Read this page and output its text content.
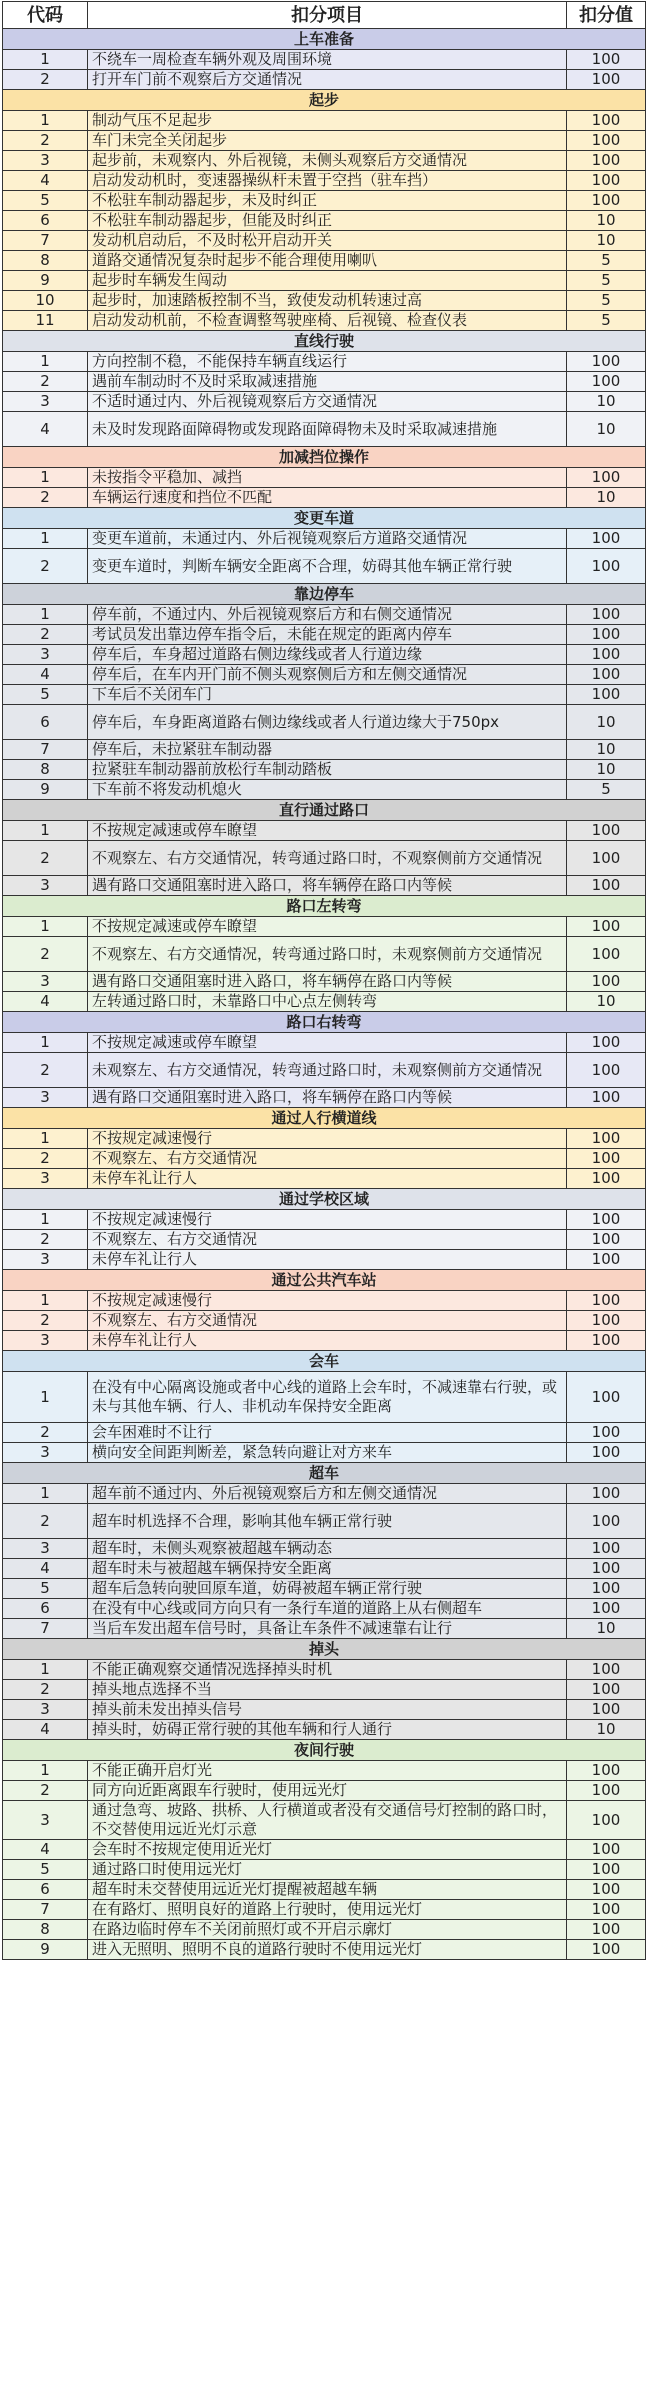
代码	扣分项目	扣分值
上车准备		
1	不绕车一周检查车辆外观及周围环境	100
2	打开车门前不观察后方交通情况	100
起步		
1	制动气压不足起步	100
2	车门未完全关闭起步	100
3	起步前，未观察内、外后视镜，未侧头观察后方交通情况	100
4	启动发动机时，变速器操纵杆未置于空挡（驻车挡）	100
5	不松驻车制动器起步，未及时纠正	100
6	不松驻车制动器起步，但能及时纠正	10
7	发动机启动后，不及时松开启动开关	10
8	道路交通情况复杂时起步不能合理使用喇叭	5
9	起步时车辆发生闯动	5
10	起步时，加速踏板控制不当，致使发动机转速过高	5
11	启动发动机前，不检查调整驾驶座椅、后视镜、检查仪表	5
直线行驶		
1	方向控制不稳，不能保持车辆直线运行	100
2	遇前车制动时不及时采取减速措施	100
3	不适时通过内、外后视镜观察后方交通情况	10
4	未及时发现路面障碍物或发现路面障碍物未及时采取减速措施	10
加减挡位操作		
1	未按指令平稳加、减挡	100
2	车辆运行速度和挡位不匹配	10
变更车道		
1	变更车道前，未通过内、外后视镜观察后方道路交通情况	100
2	变更车道时，判断车辆安全距离不合理，妨碍其他车辆正常行驶	100
靠边停车		
1	停车前，不通过内、外后视镜观察后方和右侧交通情况	100
2	考试员发出靠边停车指令后，未能在规定的距离内停车	100
3	停车后，车身超过道路右侧边缘线或者人行道边缘	100
4	停车后，在车内开门前不侧头观察侧后方和左侧交通情况	100
5	下车后不关闭车门	100
6	停车后，车身距离道路右侧边缘线或者人行道边缘大于750px	10
7	停车后，未拉紧驻车制动器	10
8	拉紧驻车制动器前放松行车制动踏板	10
9	下车前不将发动机熄火	5
直行通过路口		
1	不按规定减速或停车瞭望	100
2	不观察左、右方交通情况，转弯通过路口时，不观察侧前方交通情况	100
3	遇有路口交通阻塞时进入路口，将车辆停在路口内等候	100
路口左转弯		
1	不按规定减速或停车瞭望	100
2	不观察左、右方交通情况，转弯通过路口时，未观察侧前方交通情况	100
3	遇有路口交通阻塞时进入路口，将车辆停在路口内等候	100
4	左转通过路口时，未靠路口中心点左侧转弯	10
路口右转弯		
1	不按规定减速或停车瞭望	100
2	未观察左、右方交通情况，转弯通过路口时，未观察侧前方交通情况	100
3	遇有路口交通阻塞时进入路口，将车辆停在路口内等候	100
通过人行横道线		
1	不按规定减速慢行	100
2	不观察左、右方交通情况	100
3	未停车礼让行人	100
通过学校区域		
1	不按规定减速慢行	100
2	不观察左、右方交通情况	100
3	未停车礼让行人	100
通过公共汽车站		
1	不按规定减速慢行	100
2	不观察左、右方交通情况	100
3	未停车礼让行人	100
会车		
1	在没有中心隔离设施或者中心线的道路上会车时，不减速靠右行驶，或未与其他车辆、行人、非机动车保持安全距离	100
2	会车困难时不让行	100
3	横向安全间距判断差，紧急转向避让对方来车	100
超车		
1	超车前不通过内、外后视镜观察后方和左侧交通情况	100
2	超车时机选择不合理，影响其他车辆正常行驶	100
3	超车时，未侧头观察被超越车辆动态	100
4	超车时未与被超越车辆保持安全距离	100
5	超车后急转向驶回原车道，妨碍被超车辆正常行驶	100
6	在没有中心线或同方向只有一条行车道的道路上从右侧超车	100
7	当后车发出超车信号时，具备让车条件不减速靠右让行	10
掉头		
1	不能正确观察交通情况选择掉头时机	100
2	掉头地点选择不当	100
3	掉头前未发出掉头信号	100
4	掉头时，妨碍正常行驶的其他车辆和行人通行	10
夜间行驶		
1	不能正确开启灯光	100
2	同方向近距离跟车行驶时，使用远光灯	100
3	通过急弯、坡路、拱桥、人行横道或者没有交通信号灯控制的路口时，不交替使用远近光灯示意	100
4	会车时不按规定使用近光灯	100
5	通过路口时使用远光灯	100
6	超车时未交替使用远近光灯提醒被超越车辆	100
7	在有路灯、照明良好的道路上行驶时，使用远光灯	100
8	在路边临时停车不关闭前照灯或不开启示廓灯	100
9	进入无照明、照明不良的道路行驶时不使用远光灯	100
